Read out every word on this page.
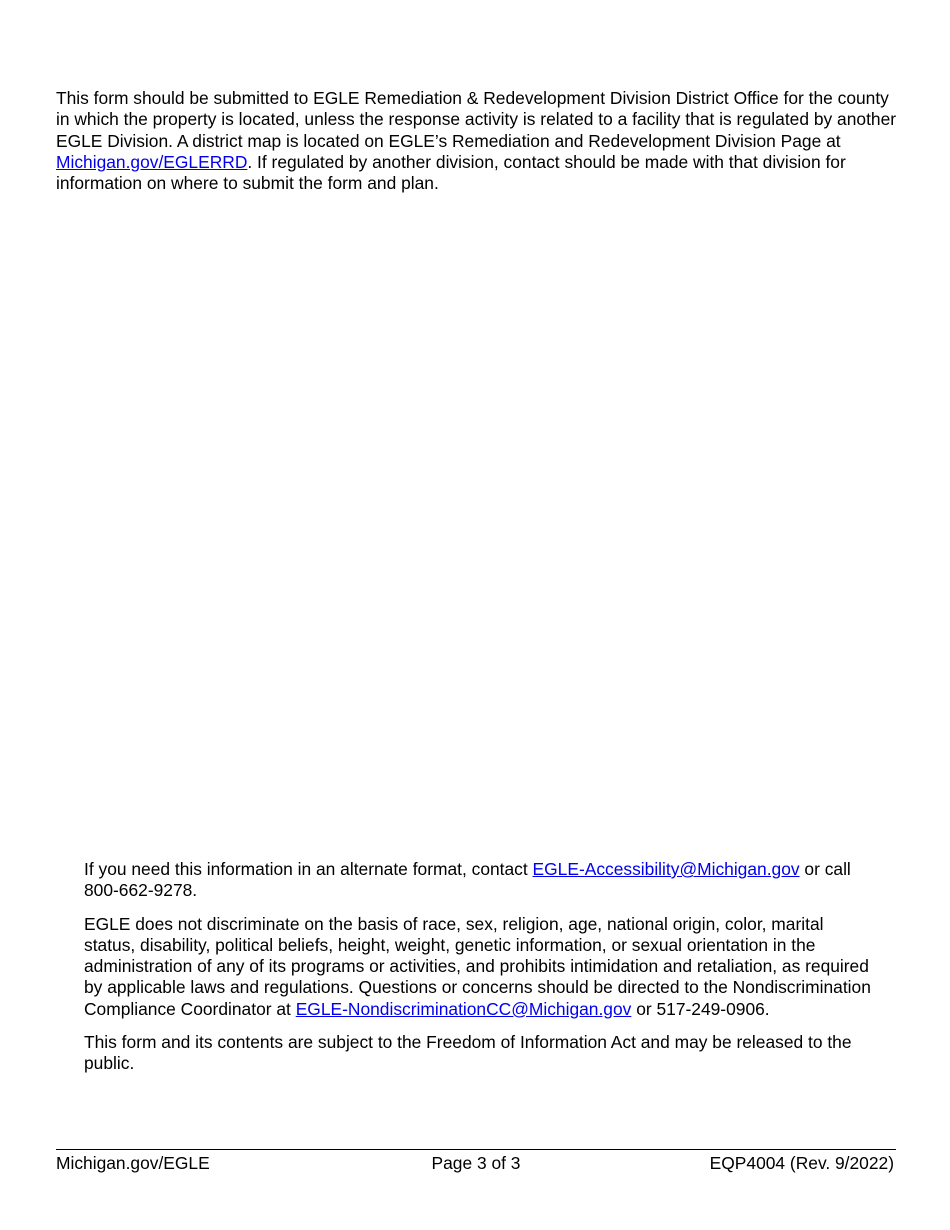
This form should be submitted to EGLE Remediation & Redevelopment Division District Office for the county in which the property is located, unless the response activity is related to a facility that is regulated by another EGLE Division. A district map is located on EGLE’s Remediation and Redevelopment Division Page at Michigan.gov/EGLERRD. If regulated by another division, contact should be made with that division for information on where to submit the form and plan.

If you need this information in an alternate format, contact EGLE-Accessibility@Michigan.gov or call 800-662-9278.

EGLE does not discriminate on the basis of race, sex, religion, age, national origin, color, marital status, disability, political beliefs, height, weight, genetic information, or sexual orientation in the administration of any of its programs or activities, and prohibits intimidation and retaliation, as required by applicable laws and regulations. Questions or concerns should be directed to the Nondiscrimination Compliance Coordinator at EGLE-NondiscriminationCC@Michigan.gov or 517-249-0906.

This form and its contents are subject to the Freedom of Information Act and may be released to the public.

Michigan.gov/EGLE	Page 3 of 3	EQP4004 (Rev. 9/2022)
